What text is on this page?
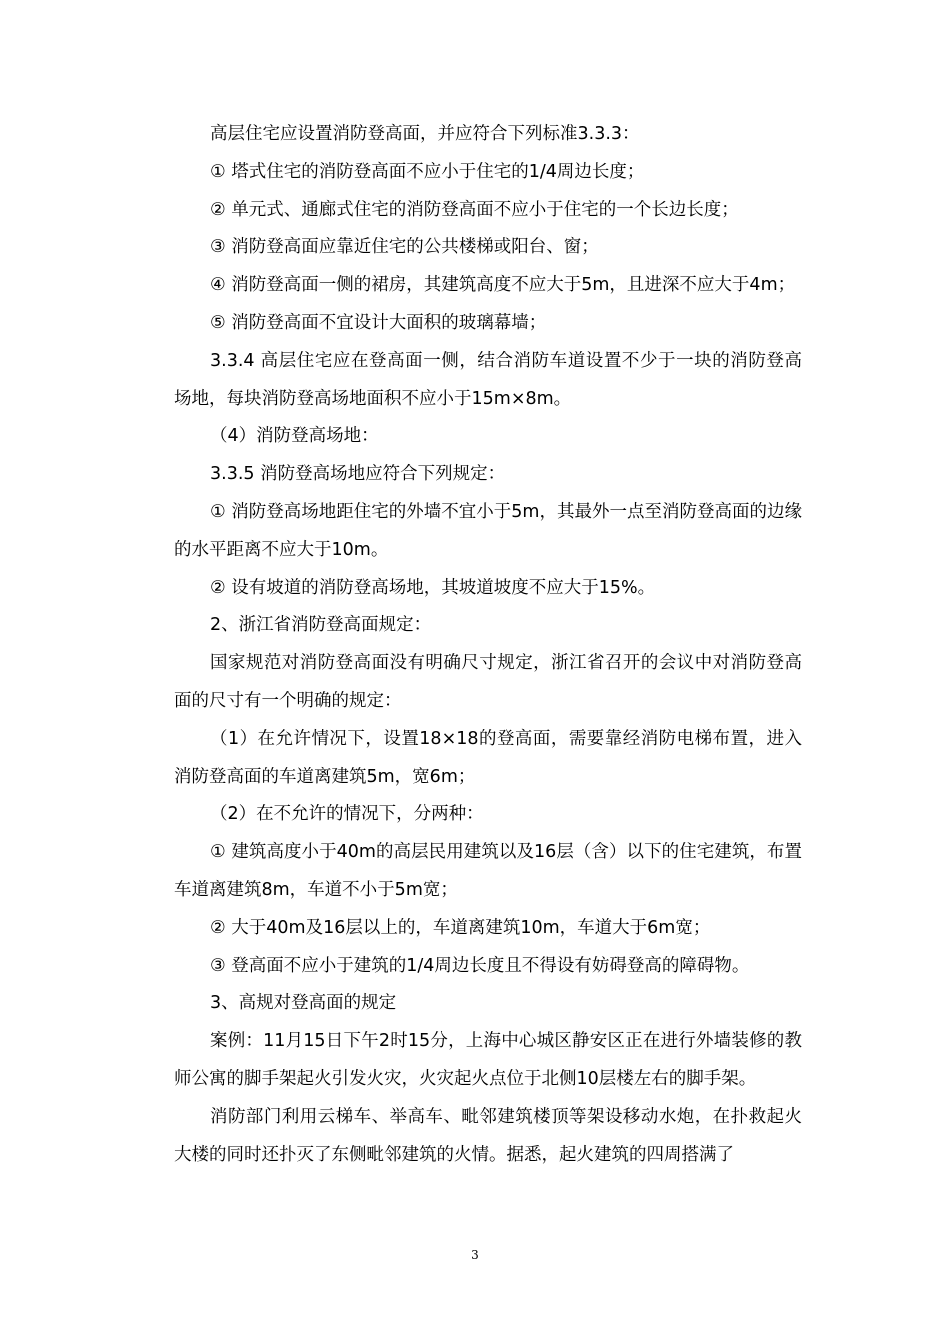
高层住宅应设置消防登高面，并应符合下列标准3.3.3：

① 塔式住宅的消防登高面不应小于住宅的1/4周边长度；

② 单元式、通廊式住宅的消防登高面不应小于住宅的一个长边长度；

③ 消防登高面应靠近住宅的公共楼梯或阳台、窗；

④ 消防登高面一侧的裙房，其建筑高度不应大于5m，且进深不应大于4m；

⑤ 消防登高面不宜设计大面积的玻璃幕墙；

3.3.4 高层住宅应在登高面一侧，结合消防车道设置不少于一块的消防登高场地，每块消防登高场地面积不应小于15m×8m。

（4）消防登高场地：

3.3.5 消防登高场地应符合下列规定：

① 消防登高场地距住宅的外墙不宜小于5m，其最外一点至消防登高面的边缘的水平距离不应大于10m。

② 设有坡道的消防登高场地，其坡道坡度不应大于15%。

2、浙江省消防登高面规定：

国家规范对消防登高面没有明确尺寸规定，浙江省召开的会议中对消防登高面的尺寸有一个明确的规定：

（1）在允许情况下，设置18×18的登高面，需要靠经消防电梯布置，进入消防登高面的车道离建筑5m，宽6m；

（2）在不允许的情况下，分两种：

① 建筑高度小于40m的高层民用建筑以及16层（含）以下的住宅建筑，布置车道离建筑8m，车道不小于5m宽；

② 大于40m及16层以上的，车道离建筑10m，车道大于6m宽；

③ 登高面不应小于建筑的1/4周边长度且不得设有妨碍登高的障碍物。

3、高规对登高面的规定

案例：11月15日下午2时15分，上海中心城区静安区正在进行外墙装修的教师公寓的脚手架起火引发火灾，火灾起火点位于北侧10层楼左右的脚手架。

消防部门利用云梯车、举高车、毗邻建筑楼顶等架设移动水炮，在扑救起火大楼的同时还扑灭了东侧毗邻建筑的火情。据悉，起火建筑的四周搭满了

3
